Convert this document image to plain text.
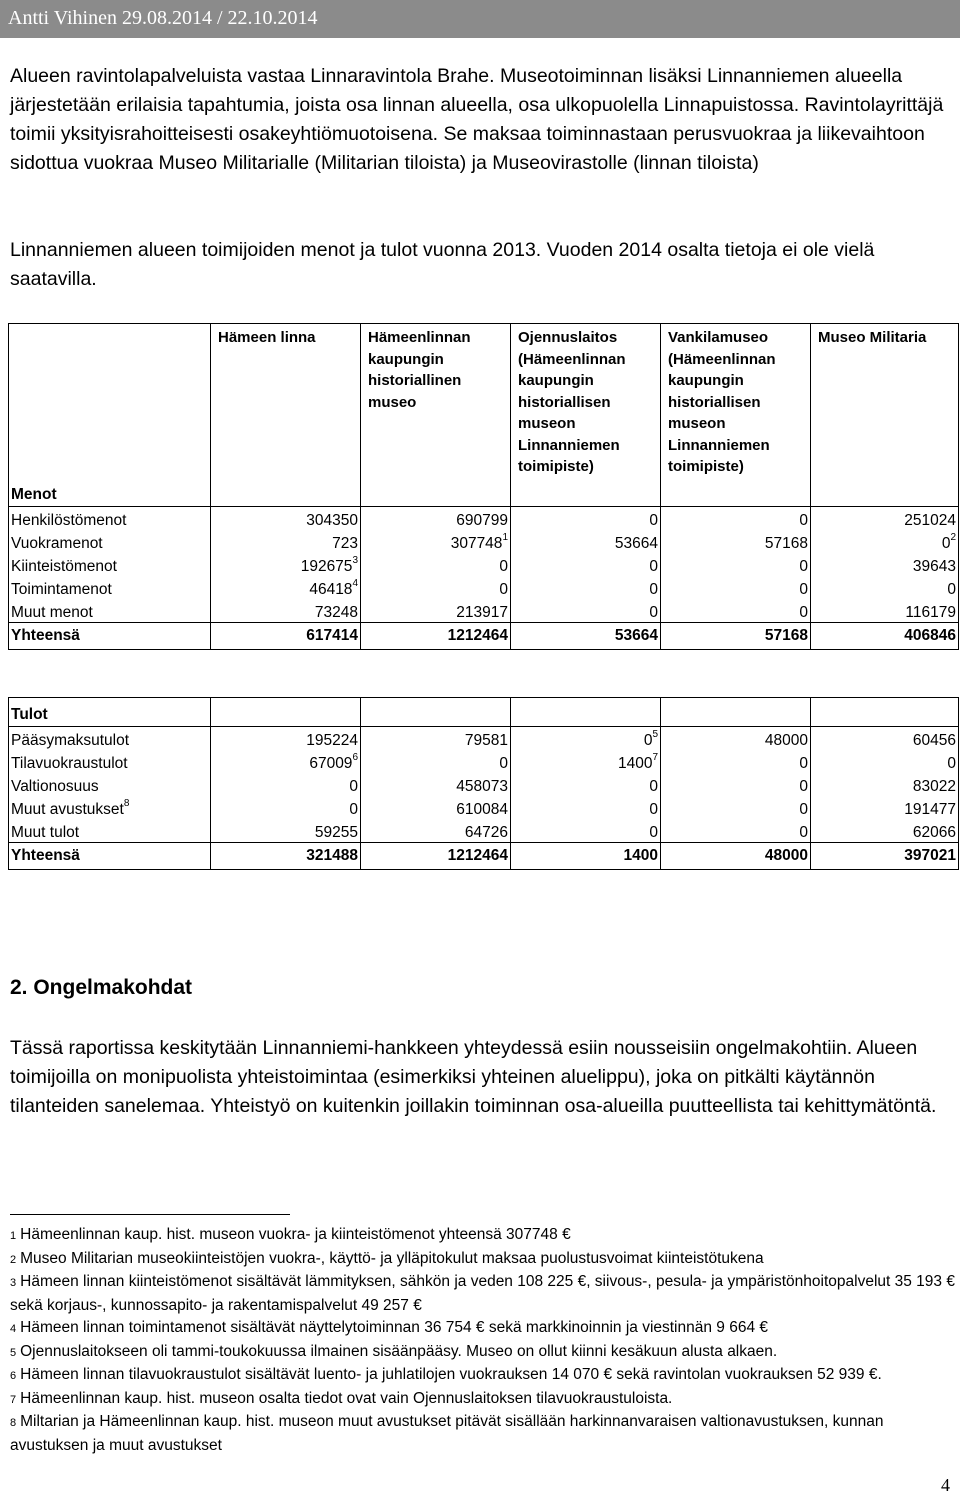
Antti Vihinen 29.08.2014 / 22.10.2014
Alueen ravintolapalveluista vastaa Linnaravintola Brahe. Museotoiminnan lisäksi Linnanniemen alueella järjestetään erilaisia tapahtumia, joista osa linnan alueella, osa ulkopuolella Linnapuistossa. Ravintolayrittäjä toimii yksityisrahoitteisesti osakeyhtiömuotoisena. Se maksaa toiminnastaan perusvuokraa ja liikevaihtoon sidottua vuokraa Museo Militarialle (Militarian tiloista) ja Museovirastolle (linnan tiloista)
Linnanniemen alueen toimijoiden menot ja tulot vuonna 2013. Vuoden 2014 osalta tietoja ei ole vielä saatavilla.
	Hämeen linna	Hämeenlinnan kaupungin historiallinen museo	Ojennuslaitos (Hämeenlinnan kaupungin historiallisen museon Linnanniemen toimipiste)	Vankilamuseo (Hämeenlinnan kaupungin historiallisen museon Linnanniemen toimipiste)	Museo Militaria
Menot					
Henkilöstömenot	304350	690799	0	0	251024
Vuokramenot	723	307748$^1$	53664	57168	$0^2$
Kiinteistömenot	192675$^3$	0	0	0	39643
Toimintamenot	46418$^4$	0	0	0	0
Muut menot	73248	213917	0	0	116179
Yhteensä	617414	1212464	53664	57168	406846
Tulot					
Pääsymaksutulot	195224	79581	$0^5$	48000	60456
Tilavuokraustulot	67009$^6$	0	1400$^7$	0	0
Valtionosuus	0	458073	0	0	83022
Muut avustukset$^8$	0	610084	0	0	191477
Muut tulot	59255	64726	0	0	62066
Yhteensä	321488	1212464	1400	48000	397021
2. Ongelmakohdat
Tässä raportissa keskitytään Linnanniemi-hankkeen yhteydessä esiin nousseisiin ongelmakohtiin. Alueen toimijoilla on monipuolista yhteistoimintaa (esimerkiksi yhteinen aluelippu), joka on pitkälti käytännön tilanteiden sanelemaa. Yhteistyö on kuitenkin joillakin toiminnan osa-alueilla puutteellista tai kehittymätöntä.
1 Hämeenlinnan kaup. hist. museon vuokra- ja kiinteistömenot yhteensä 307748 €
2 Museo Militarian museokiinteistöjen vuokra-, käyttö- ja ylläpitokulut maksaa puolustusvoimat kiinteistötukena
3 Hämeen linnan kiinteistömenot sisältävät lämmityksen, sähkön ja veden 108 225 €, siivous-, pesula- ja ympäristönhoitopalvelut 35 193 € sekä korjaus-, kunnossapito- ja rakentamispalvelut 49 257 €
4 Hämeen linnan toimintamenot sisältävät näyttelytoiminnan 36 754 € sekä markkinoinnin ja viestinnän 9 664 €
5 Ojennuslaitokseen oli tammi-toukokuussa ilmainen sisäänpääsy. Museo on ollut kiinni kesäkuun alusta alkaen.
6 Hämeen linnan tilavuokraustulot sisältävät luento- ja juhlatilojen vuokrauksen 14 070 € sekä ravintolan vuokrauksen 52 939 €.
7 Hämeenlinnan kaup. hist. museon osalta tiedot ovat vain Ojennuslaitoksen tilavuokraustuloista.
8 Miltarian ja Hämeenlinnan kaup. hist. museon muut avustukset pitävät sisällään harkinnanvaraisen valtionavustuksen, kunnan avustuksen ja muut avustukset
4
